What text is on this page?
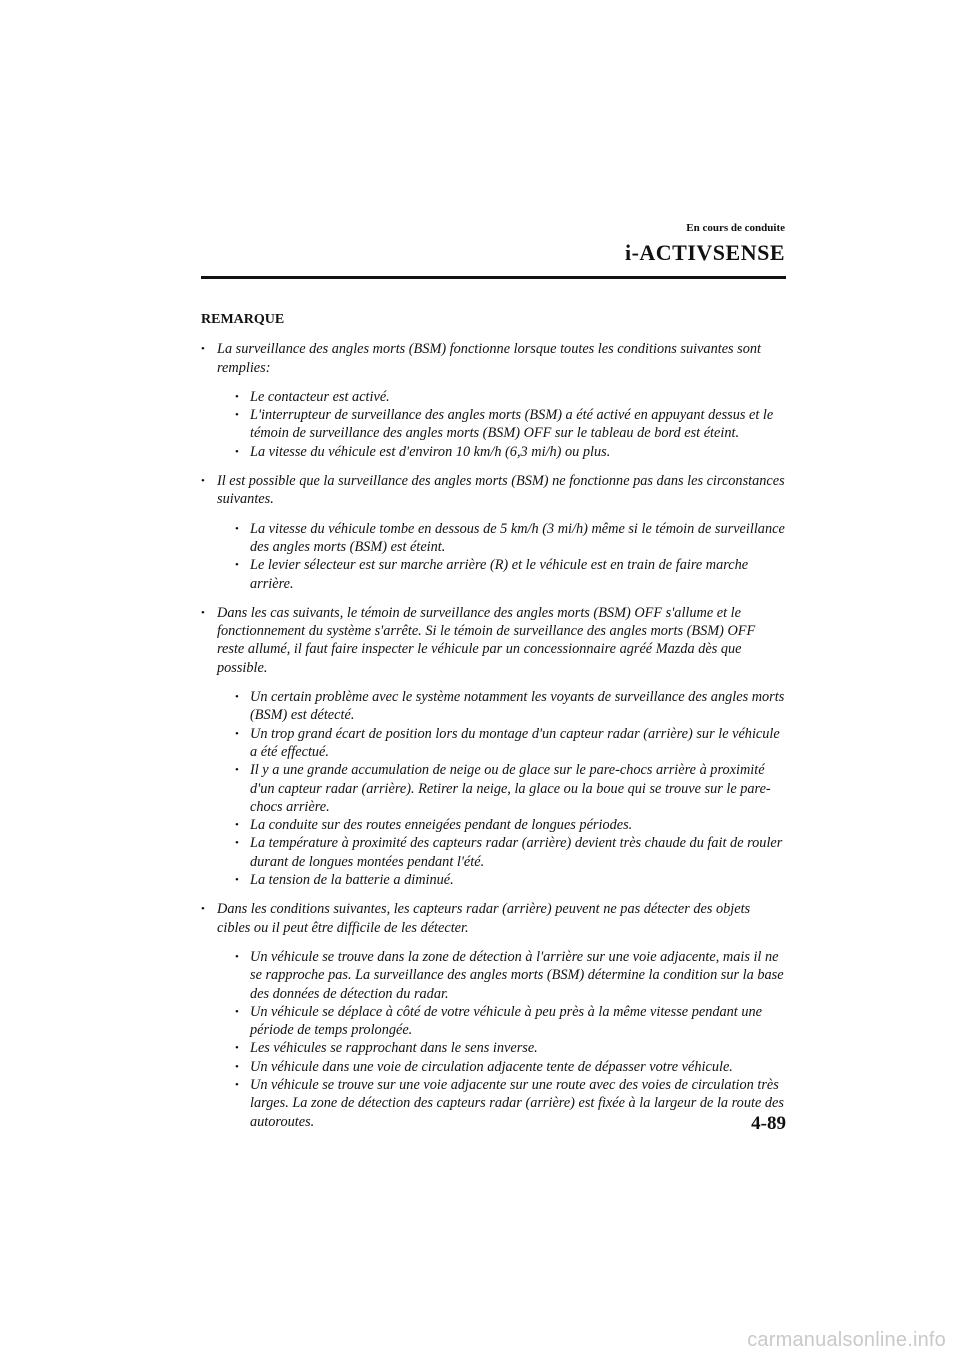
En cours de conduite
i-ACTIVSENSE
REMARQUE
• La surveillance des angles morts (BSM) fonctionne lorsque toutes les conditions suivantes sont remplies:
• Le contacteur est activé.
• L'interrupteur de surveillance des angles morts (BSM) a été activé en appuyant dessus et le témoin de surveillance des angles morts (BSM) OFF sur le tableau de bord est éteint.
• La vitesse du véhicule est d'environ 10 km/h (6,3 mi/h) ou plus.
• Il est possible que la surveillance des angles morts (BSM) ne fonctionne pas dans les circonstances suivantes.
• La vitesse du véhicule tombe en dessous de 5 km/h (3 mi/h) même si le témoin de surveillance des angles morts (BSM) est éteint.
• Le levier sélecteur est sur marche arrière (R) et le véhicule est en train de faire marche arrière.
• Dans les cas suivants, le témoin de surveillance des angles morts (BSM) OFF s'allume et le fonctionnement du système s'arrête. Si le témoin de surveillance des angles morts (BSM) OFF reste allumé, il faut faire inspecter le véhicule par un concessionnaire agréé Mazda dès que possible.
• Un certain problème avec le système notamment les voyants de surveillance des angles morts (BSM) est détecté.
• Un trop grand écart de position lors du montage d'un capteur radar (arrière) sur le véhicule a été effectué.
• Il y a une grande accumulation de neige ou de glace sur le pare-chocs arrière à proximité d'un capteur radar (arrière). Retirer la neige, la glace ou la boue qui se trouve sur le pare-chocs arrière.
• La conduite sur des routes enneigées pendant de longues périodes.
• La température à proximité des capteurs radar (arrière) devient très chaude du fait de rouler durant de longues montées pendant l'été.
• La tension de la batterie a diminué.
• Dans les conditions suivantes, les capteurs radar (arrière) peuvent ne pas détecter des objets cibles ou il peut être difficile de les détecter.
• Un véhicule se trouve dans la zone de détection à l'arrière sur une voie adjacente, mais il ne se rapproche pas. La surveillance des angles morts (BSM) détermine la condition sur la base des données de détection du radar.
• Un véhicule se déplace à côté de votre véhicule à peu près à la même vitesse pendant une période de temps prolongée.
• Les véhicules se rapprochant dans le sens inverse.
• Un véhicule dans une voie de circulation adjacente tente de dépasser votre véhicule.
• Un véhicule se trouve sur une voie adjacente sur une route avec des voies de circulation très larges. La zone de détection des capteurs radar (arrière) est fixée à la largeur de la route des autoroutes.	4-89
carmanualsonline.info
